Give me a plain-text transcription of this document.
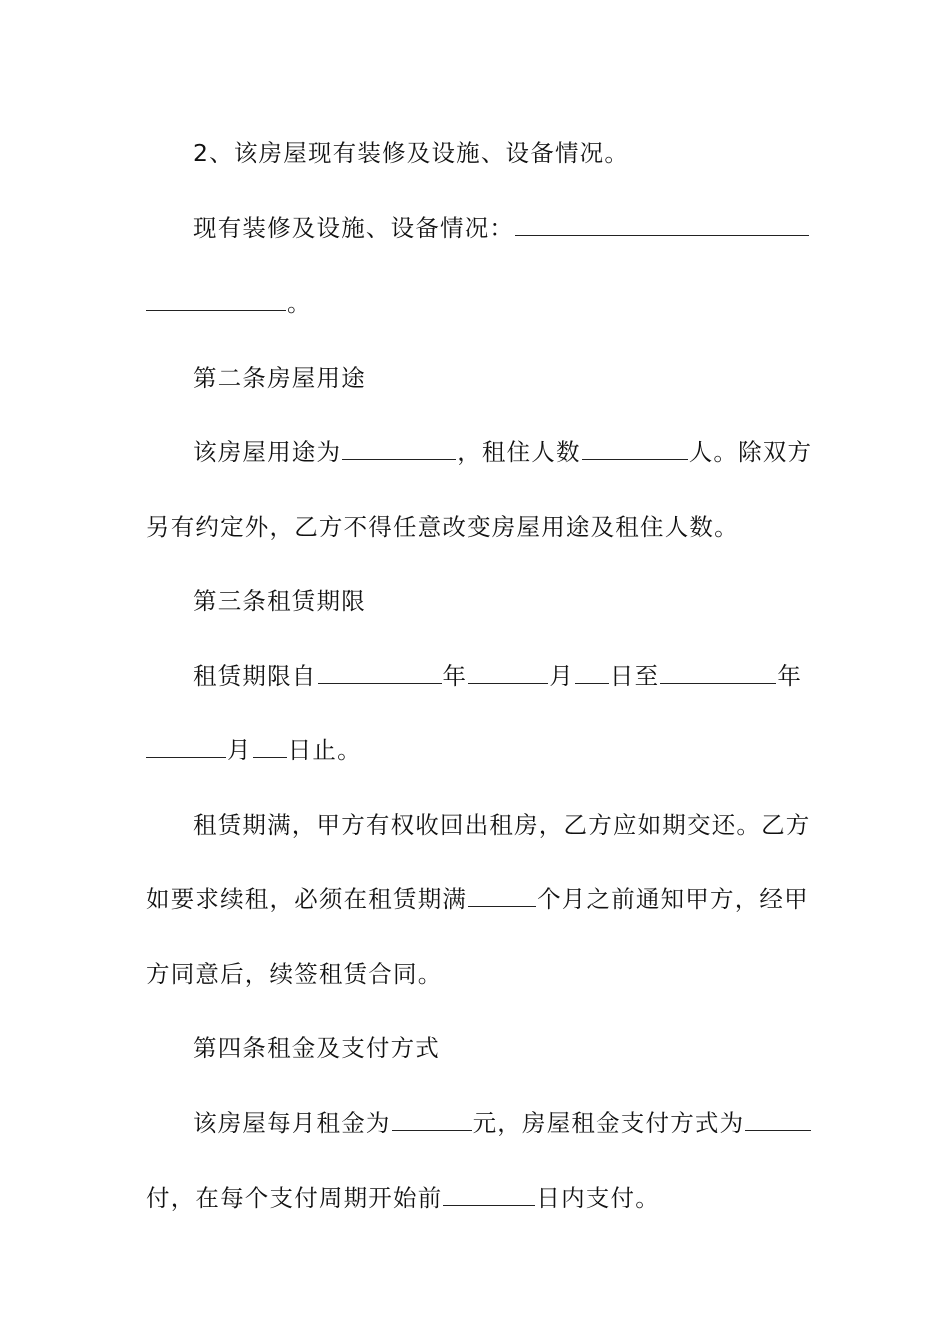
2、该房屋现有装修及设施、设备情况。
现有装修及设施、设备情况：
。
第二条房屋用途
该房屋用途为	，租住人数	人。除双方
另有约定外，乙方不得任意改变房屋用途及租住人数。
第三条租赁期限
租赁期限自	年	月 日至	年
月 日止。
租赁期满，甲方有权收回出租房，乙方应如期交还。乙方
如要求续租，必须在租赁期满	个月之前通知甲方，经甲
方同意后，续签租赁合同。
第四条租金及支付方式
该房屋每月租金为	元，房屋租金支付方式为
付，在每个支付周期开始前	日内支付。
